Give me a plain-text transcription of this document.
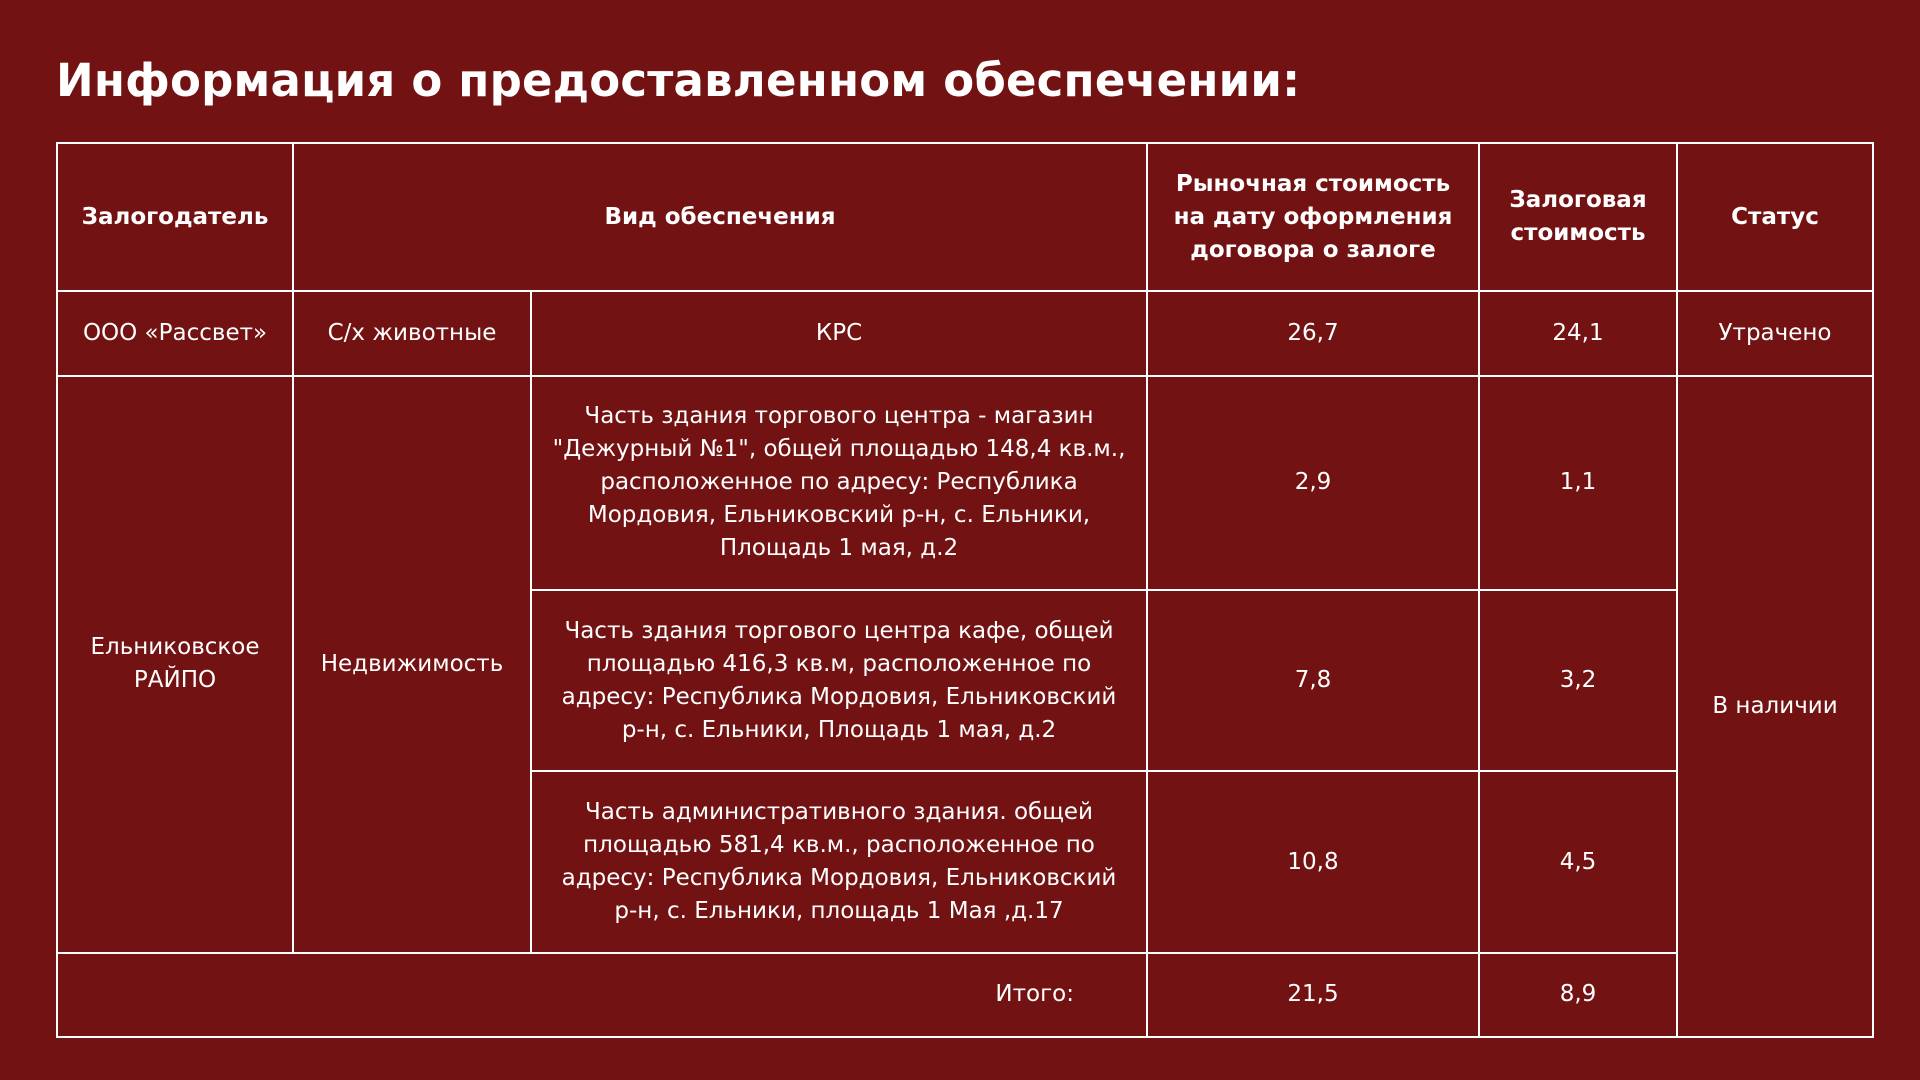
Информация о предоставленном обеспечении:
Залогодатель	Вид обеспечения		Рыночная стоимость на дату оформления договора о залоге	Залоговая стоимость	Статус
ООО «Рассвет»	С/х животные	КРС	26,7	24,1	Утрачено
Ельниковское РАЙПО	Недвижимость	Часть здания торгового центра - магазин "Дежурный №1", общей площадью 148,4 кв.м., расположенное по адресу: Республика Мордовия, Ельниковский р-н, с. Ельники, Площадь 1 мая, д.2	2,9	1,1	В наличии
		Часть здания торгового центра кафе, общей площадью 416,3 кв.м, расположенное по адресу: Республика Мордовия, Ельниковский р-н, с. Ельники, Площадь 1 мая, д.2	7,8	3,2	
		Часть административного здания. общей площадью 581,4 кв.м., расположенное по адресу: Республика Мордовия, Ельниковский р-н, с. Ельники, площадь 1 Мая ,д.17	10,8	4,5	
Итого:			21,5	8,9	
